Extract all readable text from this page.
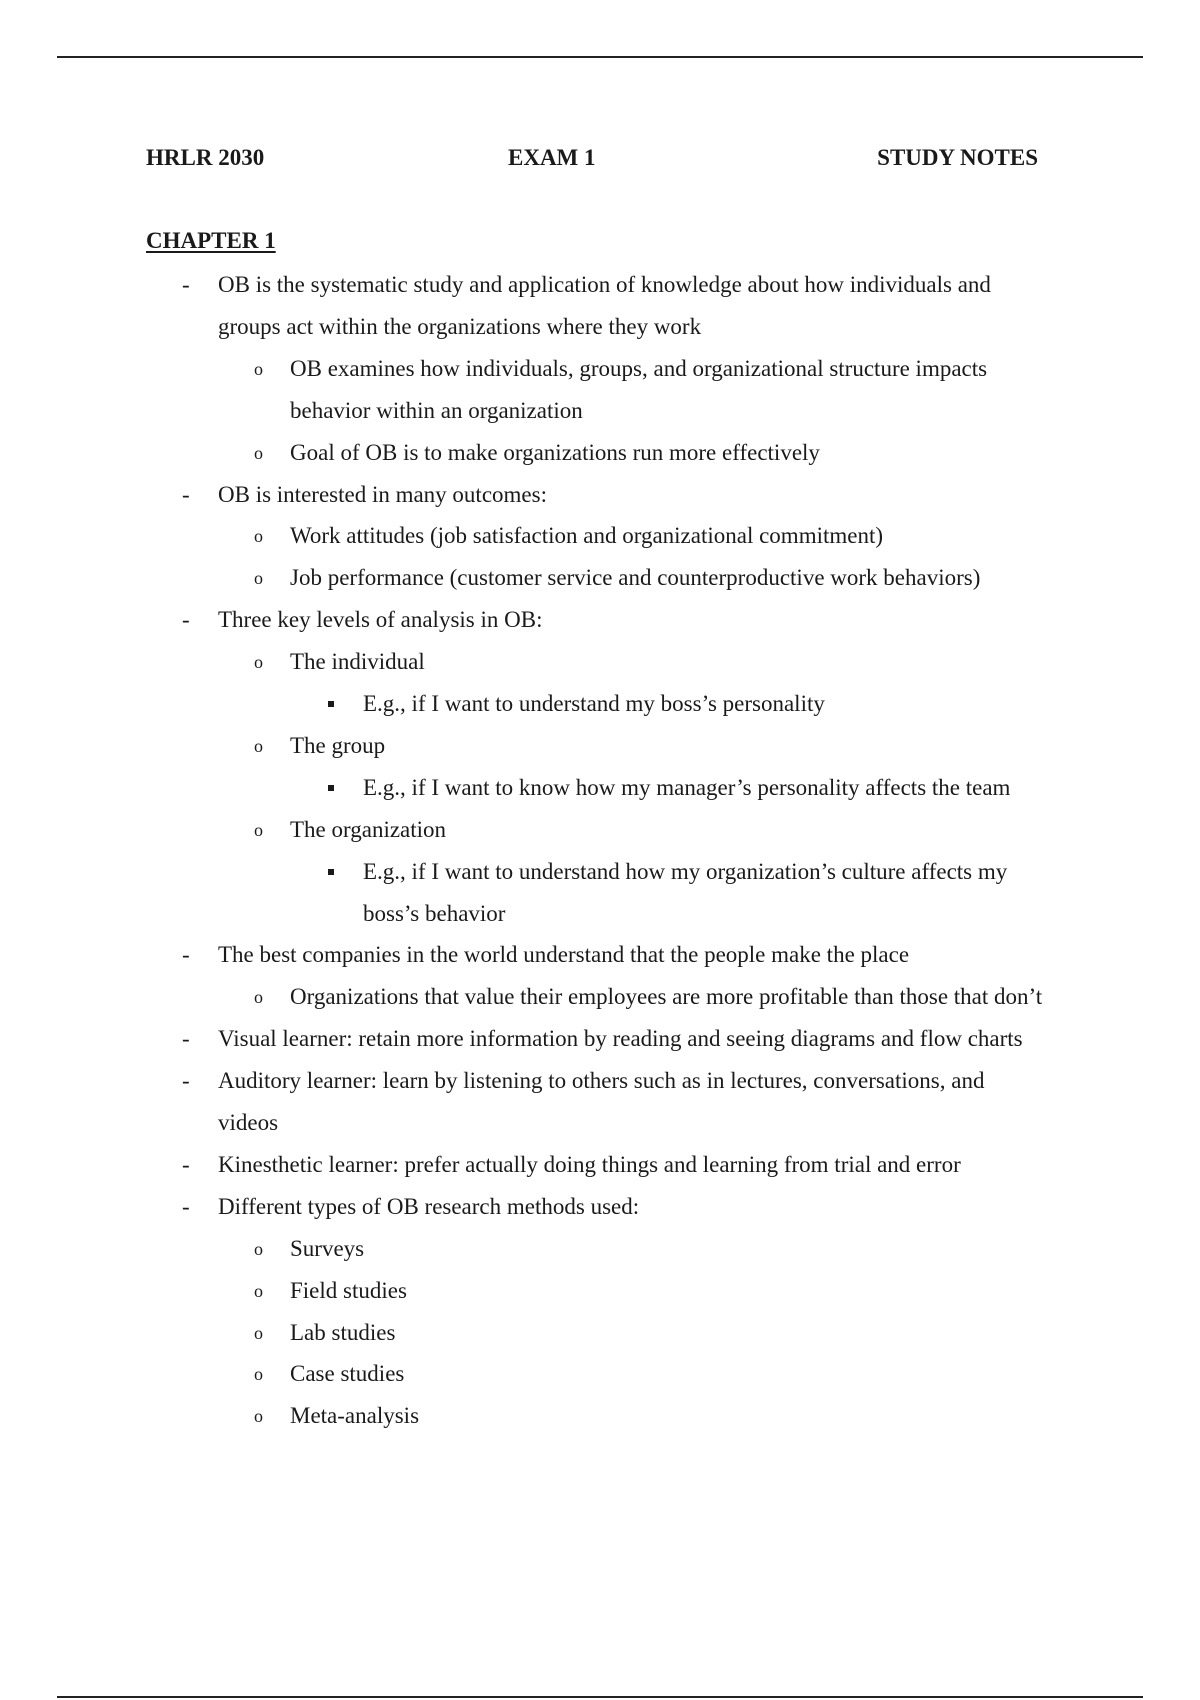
HRLR 2030	EXAM 1	STUDY NOTES
CHAPTER 1
- OB is the systematic study and application of knowledge about how individuals and
groups act within the organizations where they work
o OB examines how individuals, groups, and organizational structure impacts
behavior within an organization
o Goal of OB is to make organizations run more effectively
- OB is interested in many outcomes:
o Work attitudes (job satisfaction and organizational commitment)
o Job performance (customer service and counterproductive work behaviors)
- Three key levels of analysis in OB:
o The individual
E.g., if I want to understand my boss’s personality
o The group
E.g., if I want to know how my manager’s personality affects the team
o The organization
E.g., if I want to understand how my organization’s culture affects my
boss’s behavior
- The best companies in the world understand that the people make the place
o Organizations that value their employees are more profitable than those that don’t
- Visual learner: retain more information by reading and seeing diagrams and flow charts
- Auditory learner: learn by listening to others such as in lectures, conversations, and
videos
- Kinesthetic learner: prefer actually doing things and learning from trial and error
- Different types of OB research methods used:
o Surveys
o Field studies
o Lab studies
o Case studies
o Meta-analysis
